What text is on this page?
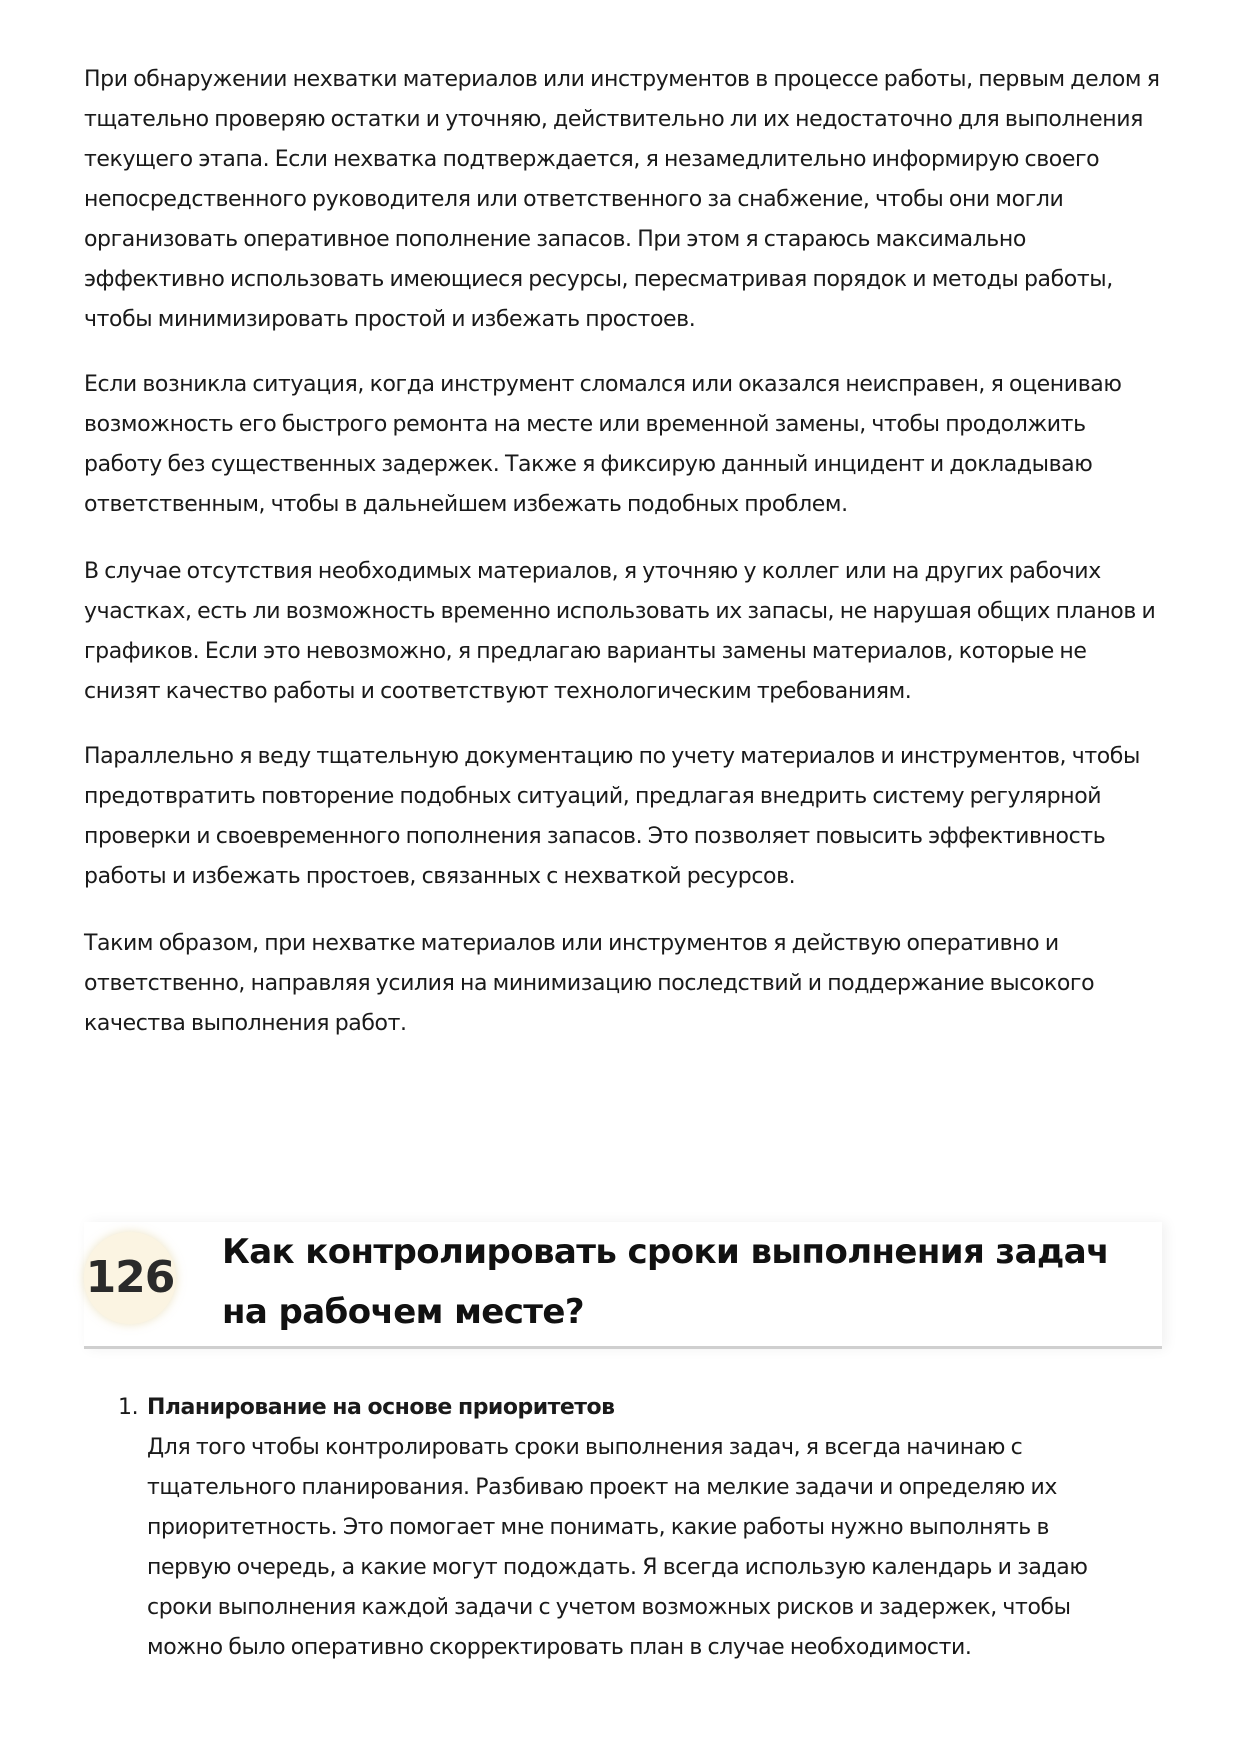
При обнаружении нехватки материалов или инструментов в процессе работы, первым делом я тщательно проверяю остатки и уточняю, действительно ли их недостаточно для выполнения текущего этапа. Если нехватка подтверждается, я незамедлительно информирую своего непосредственного руководителя или ответственного за снабжение, чтобы они могли организовать оперативное пополнение запасов. При этом я стараюсь максимально эффективно использовать имеющиеся ресурсы, пересматривая порядок и методы работы, чтобы минимизировать простой и избежать простоев.

Если возникла ситуация, когда инструмент сломался или оказался неисправен, я оцениваю возможность его быстрого ремонта на месте или временной замены, чтобы продолжить работу без существенных задержек. Также я фиксирую данный инцидент и докладываю ответственным, чтобы в дальнейшем избежать подобных проблем.

В случае отсутствия необходимых материалов, я уточняю у коллег или на других рабочих участках, есть ли возможность временно использовать их запасы, не нарушая общих планов и графиков. Если это невозможно, я предлагаю варианты замены материалов, которые не снизят качество работы и соответствуют технологическим требованиям.

Параллельно я веду тщательную документацию по учету материалов и инструментов, чтобы предотвратить повторение подобных ситуаций, предлагая внедрить систему регулярной проверки и своевременного пополнения запасов. Это позволяет повысить эффективность работы и избежать простоев, связанных с нехваткой ресурсов.

Таким образом, при нехватке материалов или инструментов я действую оперативно и ответственно, направляя усилия на минимизацию последствий и поддержание высокого качества выполнения работ.

126 Как контролировать сроки выполнения задач на рабочем месте?
1. Планирование на основе приоритетов
Для того чтобы контролировать сроки выполнения задач, я всегда начинаю с тщательного планирования. Разбиваю проект на мелкие задачи и определяю их приоритетность. Это помогает мне понимать, какие работы нужно выполнять в первую очередь, а какие могут подождать. Я всегда использую календарь и задаю сроки выполнения каждой задачи с учетом возможных рисков и задержек, чтобы можно было оперативно скорректировать план в случае необходимости.
